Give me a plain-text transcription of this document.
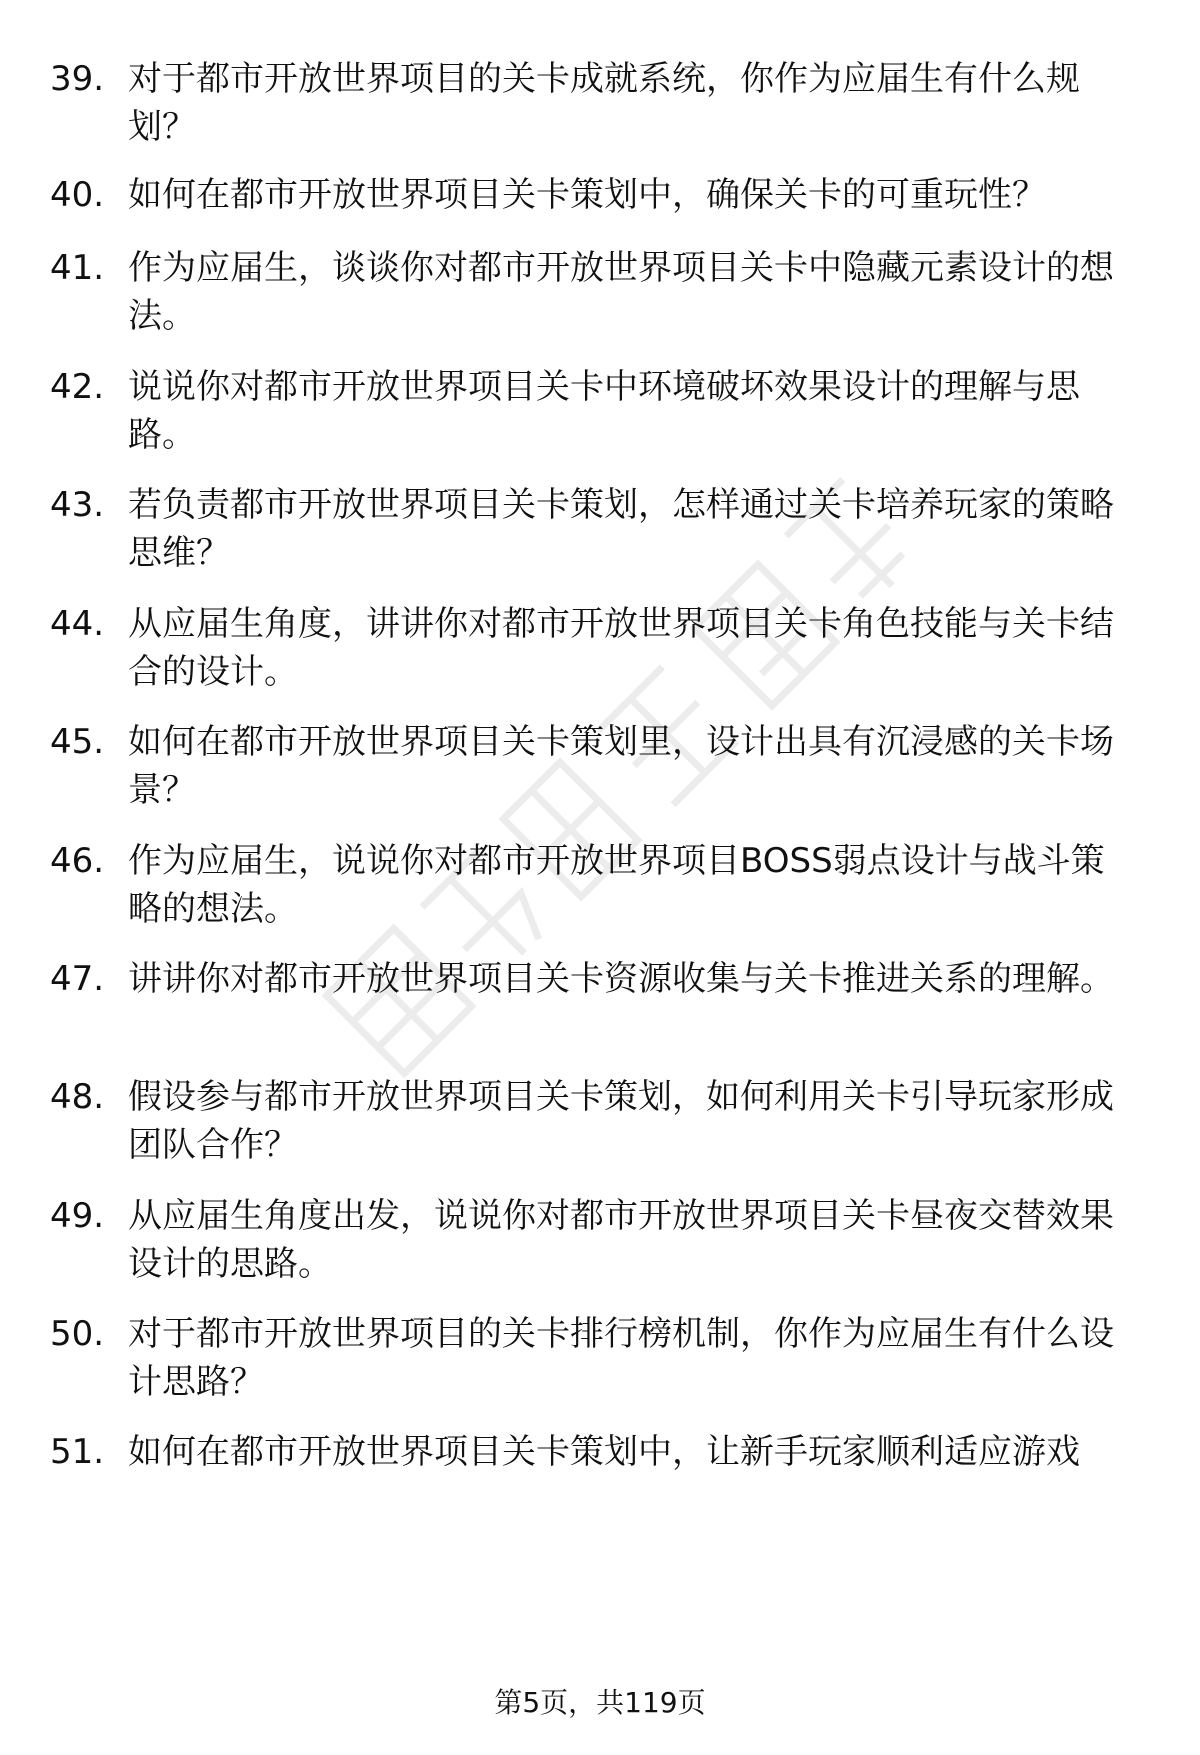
39. 对于都市开放世界项目的关卡成就系统，你作为应届生有什么规划？
40. 如何在都市开放世界项目关卡策划中，确保关卡的可重玩性？
41. 作为应届生，谈谈你对都市开放世界项目关卡中隐藏元素设计的想法。
42. 说说你对都市开放世界项目关卡中环境破坏效果设计的理解与思路。
43. 若负责都市开放世界项目关卡策划，怎样通过关卡培养玩家的策略思维？
44. 从应届生角度，讲讲你对都市开放世界项目关卡角色技能与关卡结合的设计。
45. 如何在都市开放世界项目关卡策划里，设计出具有沉浸感的关卡场景？
46. 作为应届生，说说你对都市开放世界项目BOSS弱点设计与战斗策略的想法。
47. 讲讲你对都市开放世界项目关卡资源收集与关卡推进关系的理解。
48. 假设参与都市开放世界项目关卡策划，如何利用关卡引导玩家形成团队合作？
49. 从应届生角度出发，说说你对都市开放世界项目关卡昼夜交替效果设计的思路。
50. 对于都市开放世界项目的关卡排行榜机制，你作为应届生有什么设计思路？
51. 如何在都市开放世界项目关卡策划中，让新手玩家顺利适应游戏
第5页，共119页
